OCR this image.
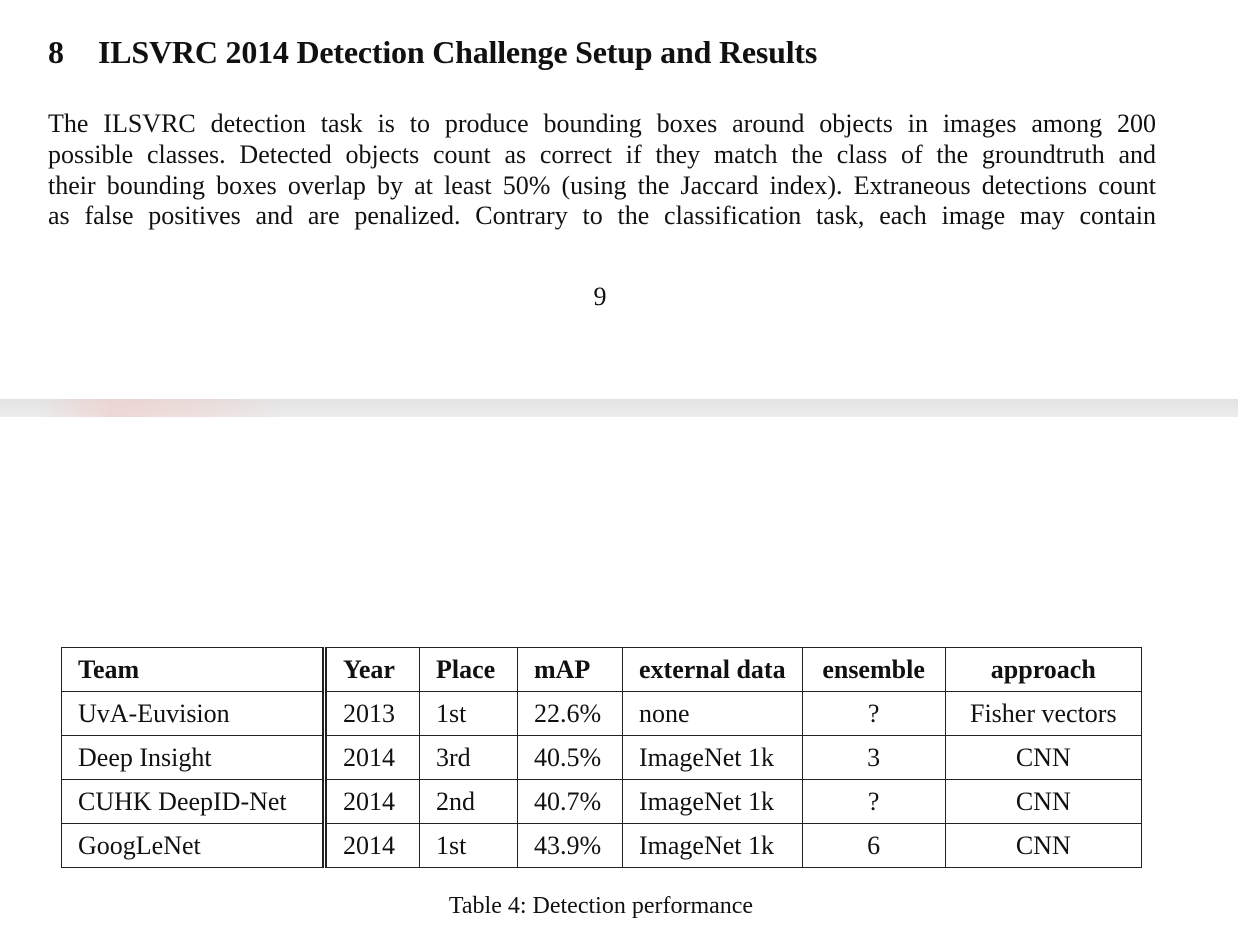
8 ILSVRC 2014 Detection Challenge Setup and Results
The ILSVRC detection task is to produce bounding boxes around objects in images among 200
possible classes. Detected objects count as correct if they match the class of the groundtruth and
their bounding boxes overlap by at least 50% (using the Jaccard index). Extraneous detections count
as false positives and are penalized. Contrary to the classification task, each image may contain
9
Team	Year	Place	mAP	external data	ensemble	approach
UvA-Euvision	2013	1st	22.6%	none	?	Fisher vectors
Deep Insight	2014	3rd	40.5%	ImageNet 1k	3	CNN
CUHK DeepID-Net	2014	2nd	40.7%	ImageNet 1k	?	CNN
GoogLeNet	2014	1st	43.9%	ImageNet 1k	6	CNN
Table 4: Detection performance
